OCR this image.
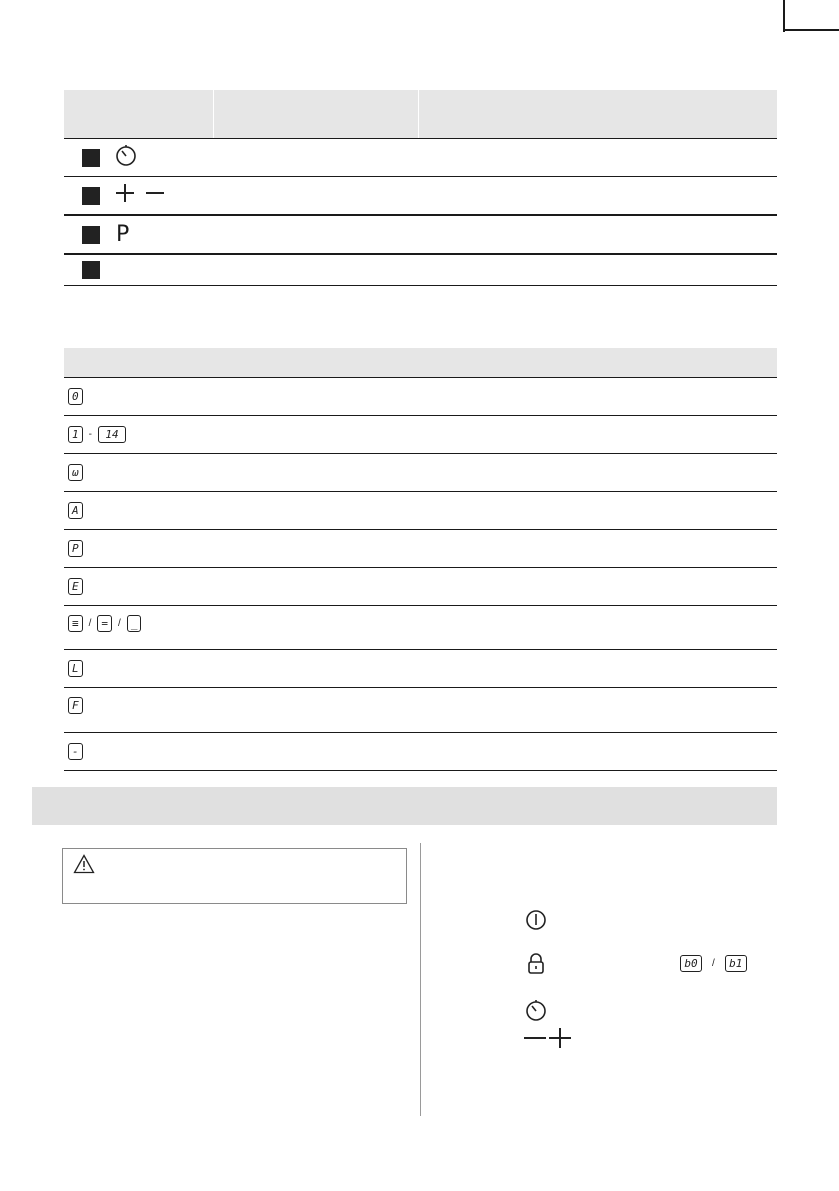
P
0
1	-	14
ω
A
P
E
≡	/ =	/ _
L
F
-
b0	/	b1
